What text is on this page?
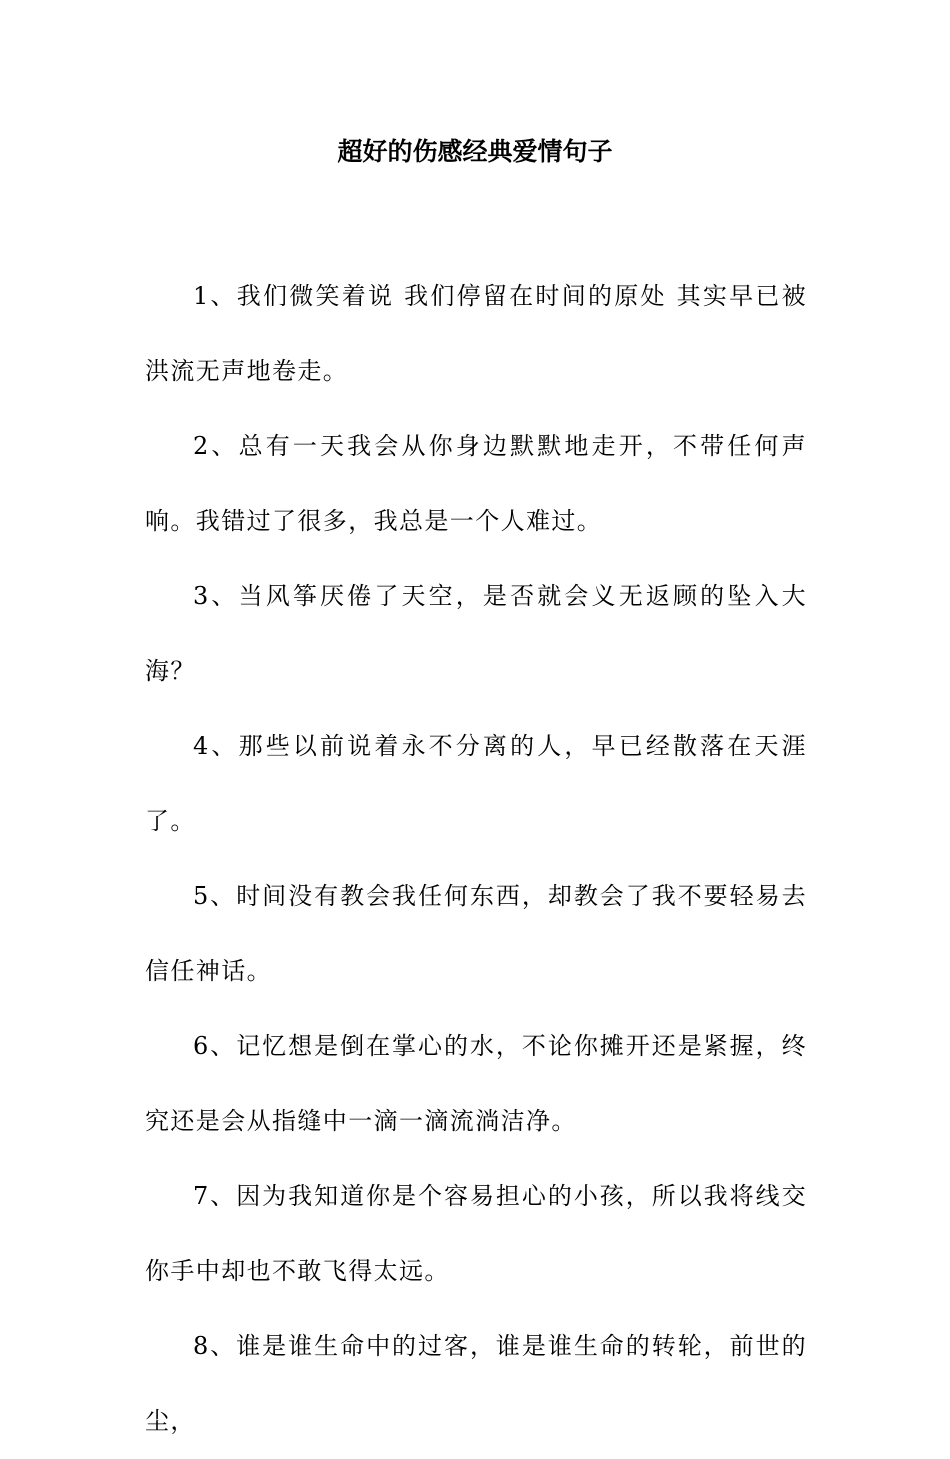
超好的伤感经典爱情句子

1、我们微笑着说 我们停留在时间的原处 其实早已被洪流无声地卷走。

2、总有一天我会从你身边默默地走开，不带任何声响。我错过了很多，我总是一个人难过。

3、当风筝厌倦了天空，是否就会义无返顾的坠入大海？

4、那些以前说着永不分离的人，早已经散落在天涯了。

5、时间没有教会我任何东西，却教会了我不要轻易去信任神话。

6、记忆想是倒在掌心的水，不论你摊开还是紧握，终究还是会从指缝中一滴一滴流淌洁净。

7、因为我知道你是个容易担心的小孩，所以我将线交你手中却也不敢飞得太远。

8、谁是谁生命中的过客，谁是谁生命的转轮，前世的尘，
